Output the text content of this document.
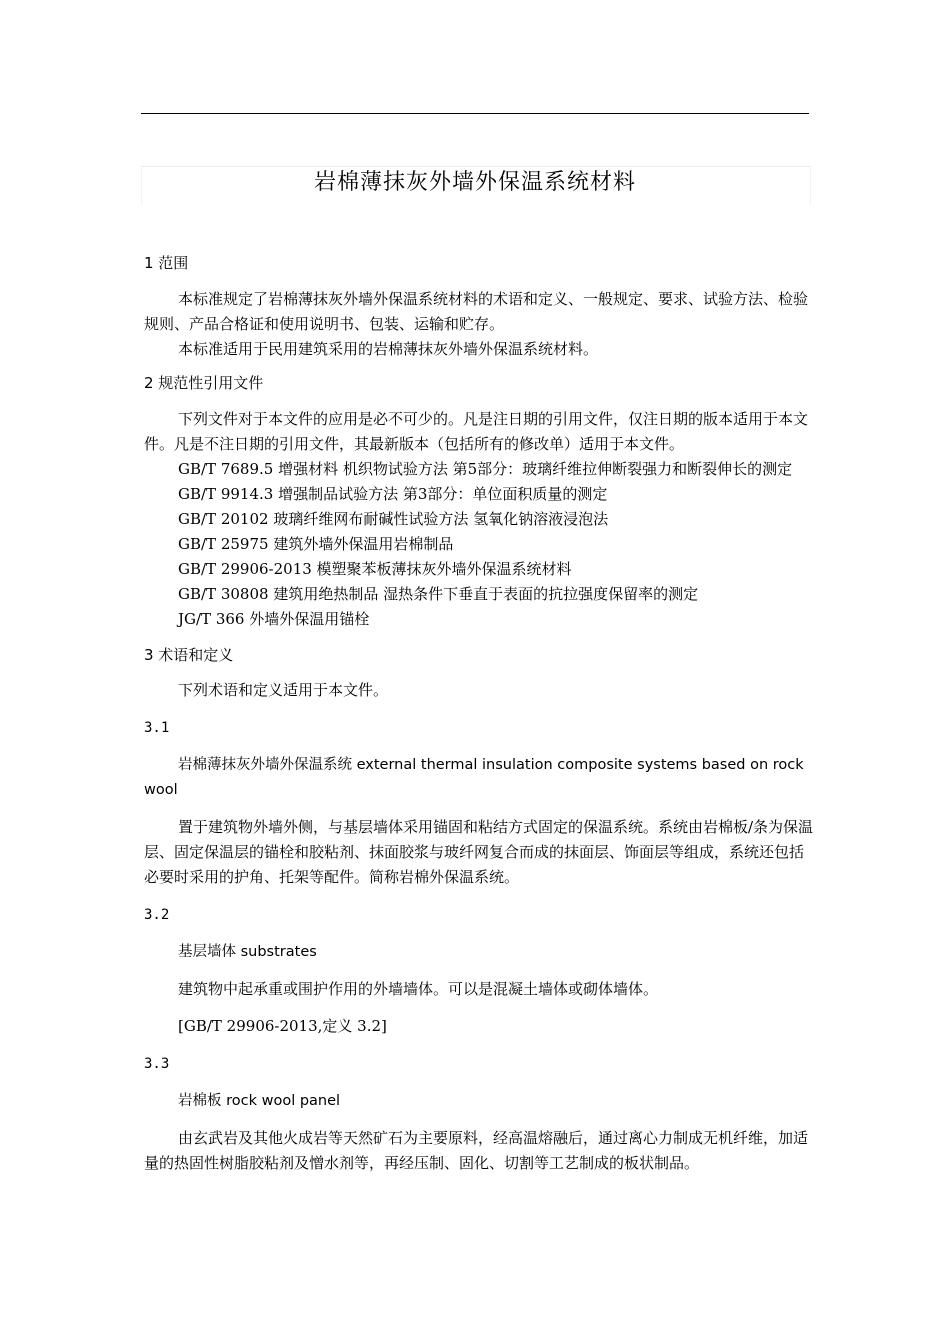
岩棉薄抹灰外墙外保温系统材料
1 范围
本标准规定了岩棉薄抹灰外墙外保温系统材料的术语和定义、一般规定、要求、试验方法、检验规则、产品合格证和使用说明书、包装、运输和贮存。
本标准适用于民用建筑采用的岩棉薄抹灰外墙外保温系统材料。
2 规范性引用文件
下列文件对于本文件的应用是必不可少的。凡是注日期的引用文件，仅注日期的版本适用于本文件。凡是不注日期的引用文件，其最新版本（包括所有的修改单）适用于本文件。
GB/T 7689.5 增强材料 机织物试验方法 第5部分：玻璃纤维拉伸断裂强力和断裂伸长的测定
GB/T 9914.3 增强制品试验方法 第3部分：单位面积质量的测定
GB/T 20102 玻璃纤维网布耐碱性试验方法 氢氧化钠溶液浸泡法
GB/T 25975 建筑外墙外保温用岩棉制品
GB/T 29906-2013 模塑聚苯板薄抹灰外墙外保温系统材料
GB/T 30808 建筑用绝热制品 湿热条件下垂直于表面的抗拉强度保留率的测定
JG/T 366 外墙外保温用锚栓
3 术语和定义
下列术语和定义适用于本文件。
3.1
岩棉薄抹灰外墙外保温系统 external thermal insulation composite systems based on rock wool
置于建筑物外墙外侧，与基层墙体采用锚固和粘结方式固定的保温系统。系统由岩棉板/条为保温层、固定保温层的锚栓和胶粘剂、抹面胶浆与玻纤网复合而成的抹面层、饰面层等组成，系统还包括必要时采用的护角、托架等配件。简称岩棉外保温系统。
3.2
基层墙体 substrates
建筑物中起承重或围护作用的外墙墙体。可以是混凝土墙体或砌体墙体。
[GB/T 29906-2013,定义 3.2]
3.3
岩棉板 rock wool panel
由玄武岩及其他火成岩等天然矿石为主要原料，经高温熔融后，通过离心力制成无机纤维，加适量的热固性树脂胶粘剂及憎水剂等，再经压制、固化、切割等工艺制成的板状制品。
